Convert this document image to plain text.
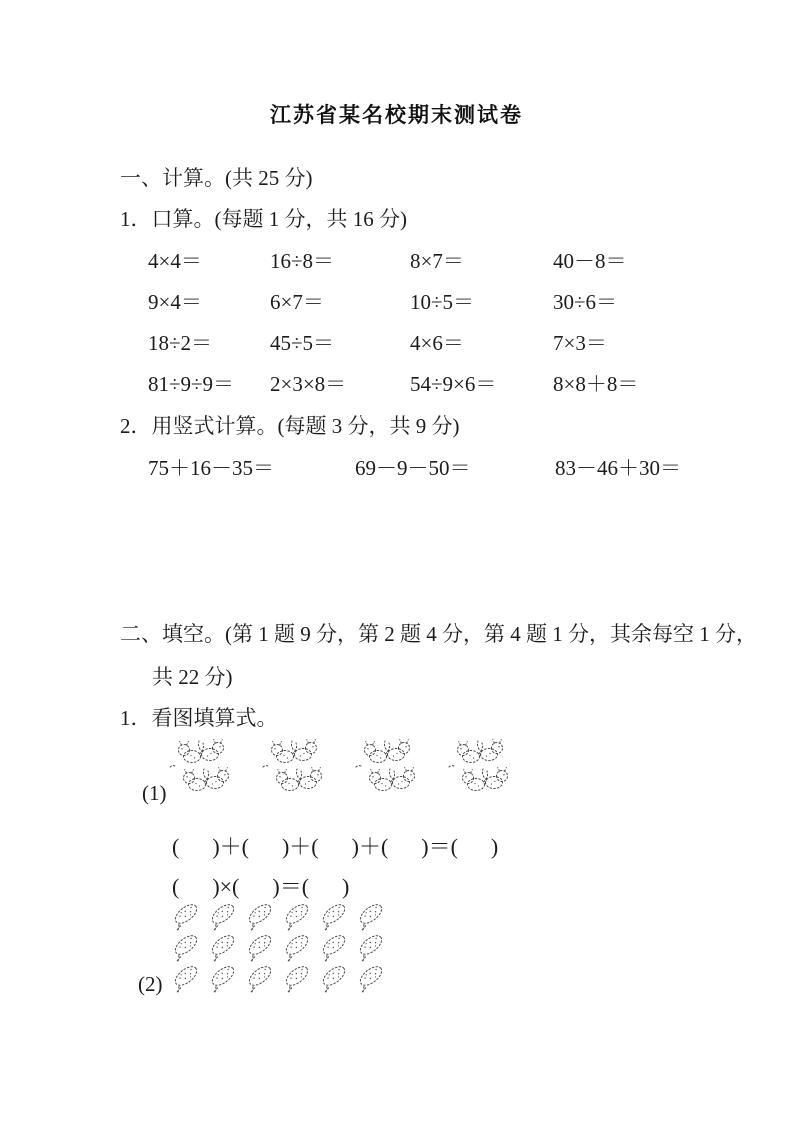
江苏省某名校期末测试卷
一、计算。(共 25 分)
1．口算。(每题 1 分，共 16 分)
4×4＝	16÷8＝	8×7＝	40－8＝
9×4＝	6×7＝	10÷5＝	30÷6＝
18÷2＝	45÷5＝	4×6＝	7×3＝
81÷9÷9＝	2×3×8＝	54÷9×6＝	8×8＋8＝
2．用竖式计算。(每题 3 分，共 9 分)
75＋16－35＝	69－9－50＝	83－46＋30＝
二、填空。(第 1 题 9 分，第 2 题 4 分，第 4 题 1 分，其余每空 1 分，
共 22 分)
1．看图填算式。
(1)
(      )＋(      )＋(      )＋(      )＝(      )
(      )×(      )＝(      )
(2)
